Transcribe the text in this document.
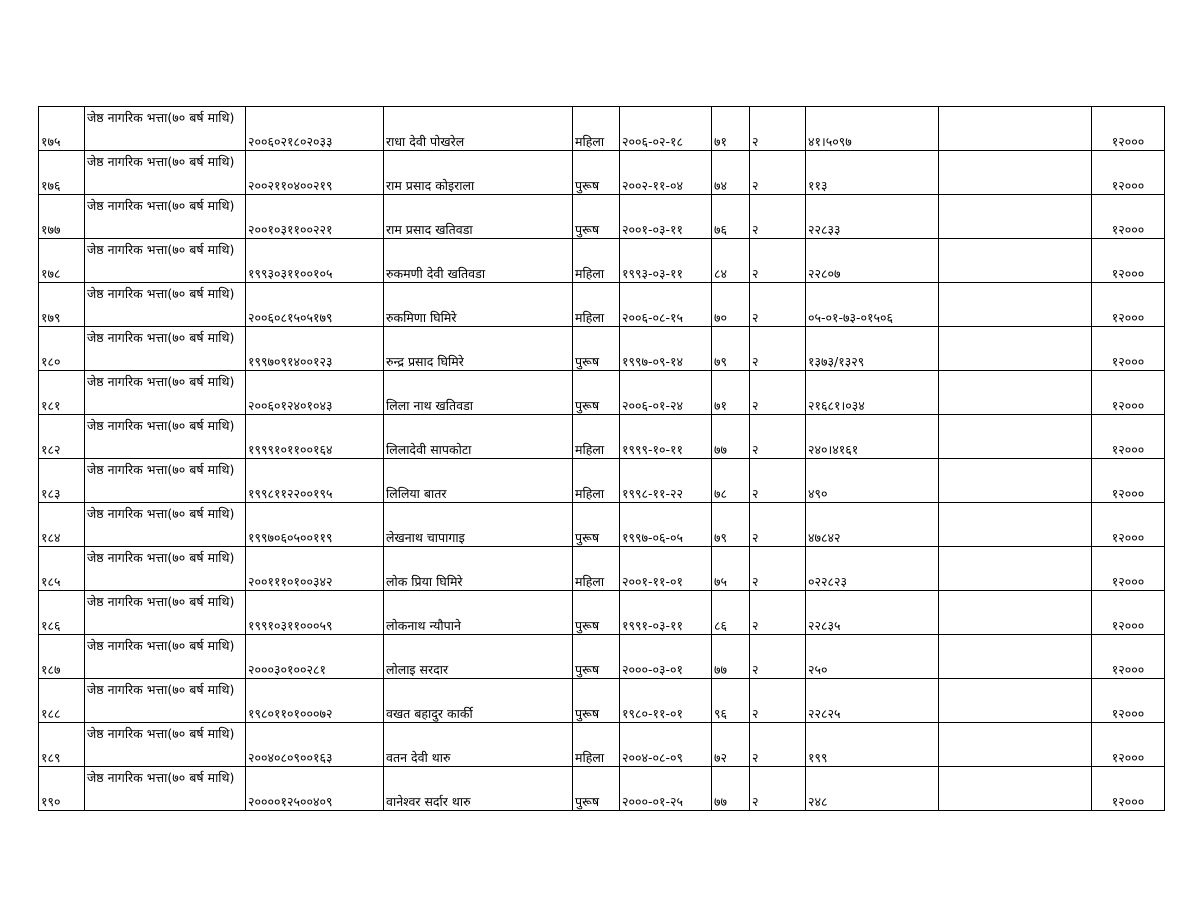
१७५	जेष्ठ नागरिक भत्ता(७० बर्ष माथि)	२००६०२१८०२०३३	राधा देवी पोखरेल	महिला	२००६-०२-१८	७१	२	४१।५०९७		१२०००
१७६	जेष्ठ नागरिक भत्ता(७० बर्ष माथि)	२००२११०४००२१९	राम प्रसाद कोइराला	पुरूष	२००२-११-०४	७४	२	११३		१२०००
१७७	जेष्ठ नागरिक भत्ता(७० बर्ष माथि)	२००१०३११००२२१	राम प्रसाद खतिवडा	पुरूष	२००१-०३-११	७६	२	२२८३३		१२०००
१७८	जेष्ठ नागरिक भत्ता(७० बर्ष माथि)	१९९३०३११००१०५	रुकमणी देवी खतिवडा	महिला	१९९३-०३-११	८४	२	२२८०७		१२०००
१७९	जेष्ठ नागरिक भत्ता(७० बर्ष माथि)	२००६०८१५०५१७९	रुकमिणा घिमिरे	महिला	२००६-०८-१५	७०	२	०५-०१-७३-०१५०६		१२०००
१८०	जेष्ठ नागरिक भत्ता(७० बर्ष माथि)	१९९७०९१४००१२३	रुन्द्र प्रसाद घिमिरे	पुरूष	१९९७-०९-१४	७९	२	१३७३/१३२९		१२०००
१८१	जेष्ठ नागरिक भत्ता(७० बर्ष माथि)	२००६०१२४०१०४३	लिला नाथ खतिवडा	पुरूष	२००६-०१-२४	७१	२	२१६८१।०३४		१२०००
१८२	जेष्ठ नागरिक भत्ता(७० बर्ष माथि)	१९९९१०११००१६४	लिलादेवी सापकोटा	महिला	१९९९-१०-११	७७	२	२४०।४१६१		१२०००
१८३	जेष्ठ नागरिक भत्ता(७० बर्ष माथि)	१९९८११२२००१९५	लिलिया बातर	महिला	१९९८-११-२२	७८	२	४९०		१२०००
१८४	जेष्ठ नागरिक भत्ता(७० बर्ष माथि)	१९९७०६०५००११९	लेखनाथ चापागाइ	पुरूष	१९९७-०६-०५	७९	२	४७८४२		१२०००
१८५	जेष्ठ नागरिक भत्ता(७० बर्ष माथि)	२००१११०१००३४२	लोक प्रिया घिमिरे	महिला	२००१-११-०१	७५	२	०२२८२३		१२०००
१८६	जेष्ठ नागरिक भत्ता(७० बर्ष माथि)	१९९१०३११०००५९	लोकनाथ न्यौपाने	पुरूष	१९९१-०३-११	८६	२	२२८३५		१२०००
१८७	जेष्ठ नागरिक भत्ता(७० बर्ष माथि)	२०००३०१००२८१	लोलाइ सरदार	पुरूष	२०००-०३-०१	७७	२	२५०		१२०००
१८८	जेष्ठ नागरिक भत्ता(७० बर्ष माथि)	१९८०११०१०००७२	वखत बहादुर कार्की	पुरूष	१९८०-११-०१	९६	२	२२८२५		१२०००
१८९	जेष्ठ नागरिक भत्ता(७० बर्ष माथि)	२००४०८०९००१६३	वतन देवी थारु	महिला	२००४-०८-०९	७२	२	१९९		१२०००
१९०	जेष्ठ नागरिक भत्ता(७० बर्ष माथि)	२००००१२५००४०९	वानेश्वर सर्दार थारु	पुरूष	२०००-०१-२५	७७	२	२४८		१२०००
